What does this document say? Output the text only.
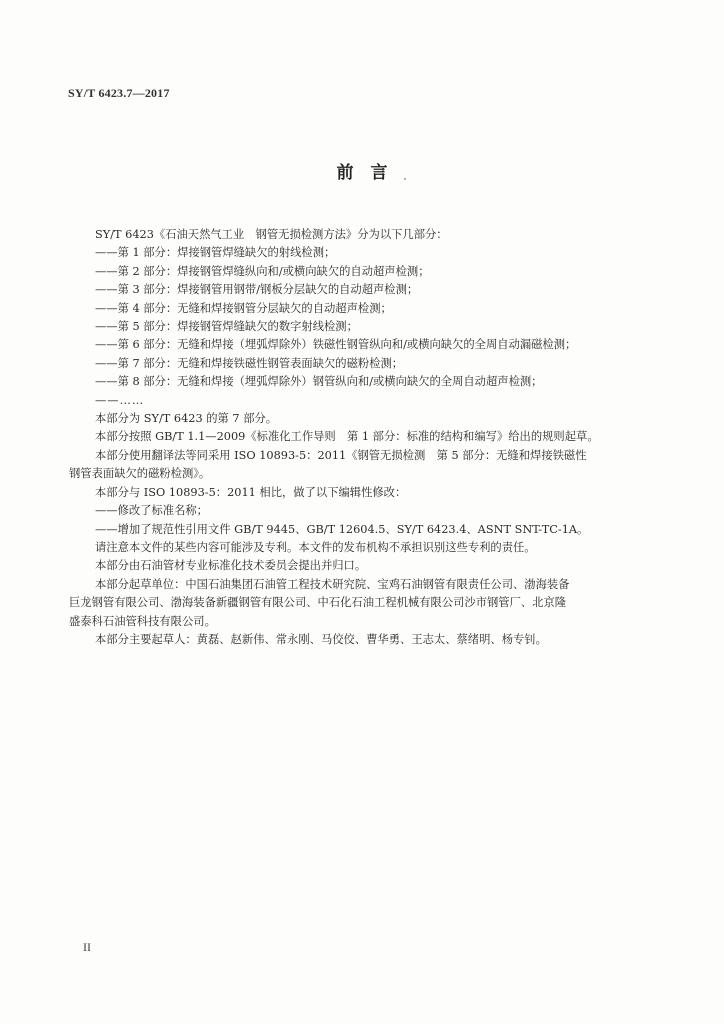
SY/T 6423.7—2017
前　言
SY/T 6423《石油天然气工业　钢管无损检测方法》分为以下几部分：
——第 1 部分：焊接钢管焊缝缺欠的射线检测；
——第 2 部分：焊接钢管焊缝纵向和/或横向缺欠的自动超声检测；
——第 3 部分：焊接钢管用钢带/钢板分层缺欠的自动超声检测；
——第 4 部分：无缝和焊接钢管分层缺欠的自动超声检测；
——第 5 部分：焊接钢管焊缝缺欠的数字射线检测；
——第 6 部分：无缝和焊接（埋弧焊除外）铁磁性钢管纵向和/或横向缺欠的全周自动漏磁检测；
——第 7 部分：无缝和焊接铁磁性钢管表面缺欠的磁粉检测；
——第 8 部分：无缝和焊接（埋弧焊除外）钢管纵向和/或横向缺欠的全周自动超声检测；
——……
本部分为 SY/T 6423 的第 7 部分。
本部分按照 GB/T 1.1—2009《标准化工作导则　第 1 部分：标准的结构和编写》给出的规则起草。
本部分使用翻译法等同采用 ISO 10893-5：2011《钢管无损检测　第 5 部分：无缝和焊接铁磁性
钢管表面缺欠的磁粉检测》。
本部分与 ISO 10893-5：2011 相比，做了以下编辑性修改：
——修改了标准名称；
——增加了规范性引用文件 GB/T 9445、GB/T 12604.5、SY/T 6423.4、ASNT SNT-TC-1A。
请注意本文件的某些内容可能涉及专利。本文件的发布机构不承担识别这些专利的责任。
本部分由石油管材专业标准化技术委员会提出并归口。
本部分起草单位：中国石油集团石油管工程技术研究院、宝鸡石油钢管有限责任公司、渤海装备
巨龙钢管有限公司、渤海装备新疆钢管有限公司、中石化石油工程机械有限公司沙市钢管厂、北京隆
盛泰科石油管科技有限公司。
本部分主要起草人：黄磊、赵新伟、常永刚、马佼佼、曹华勇、王志太、蔡绪明、杨专钊。
II
